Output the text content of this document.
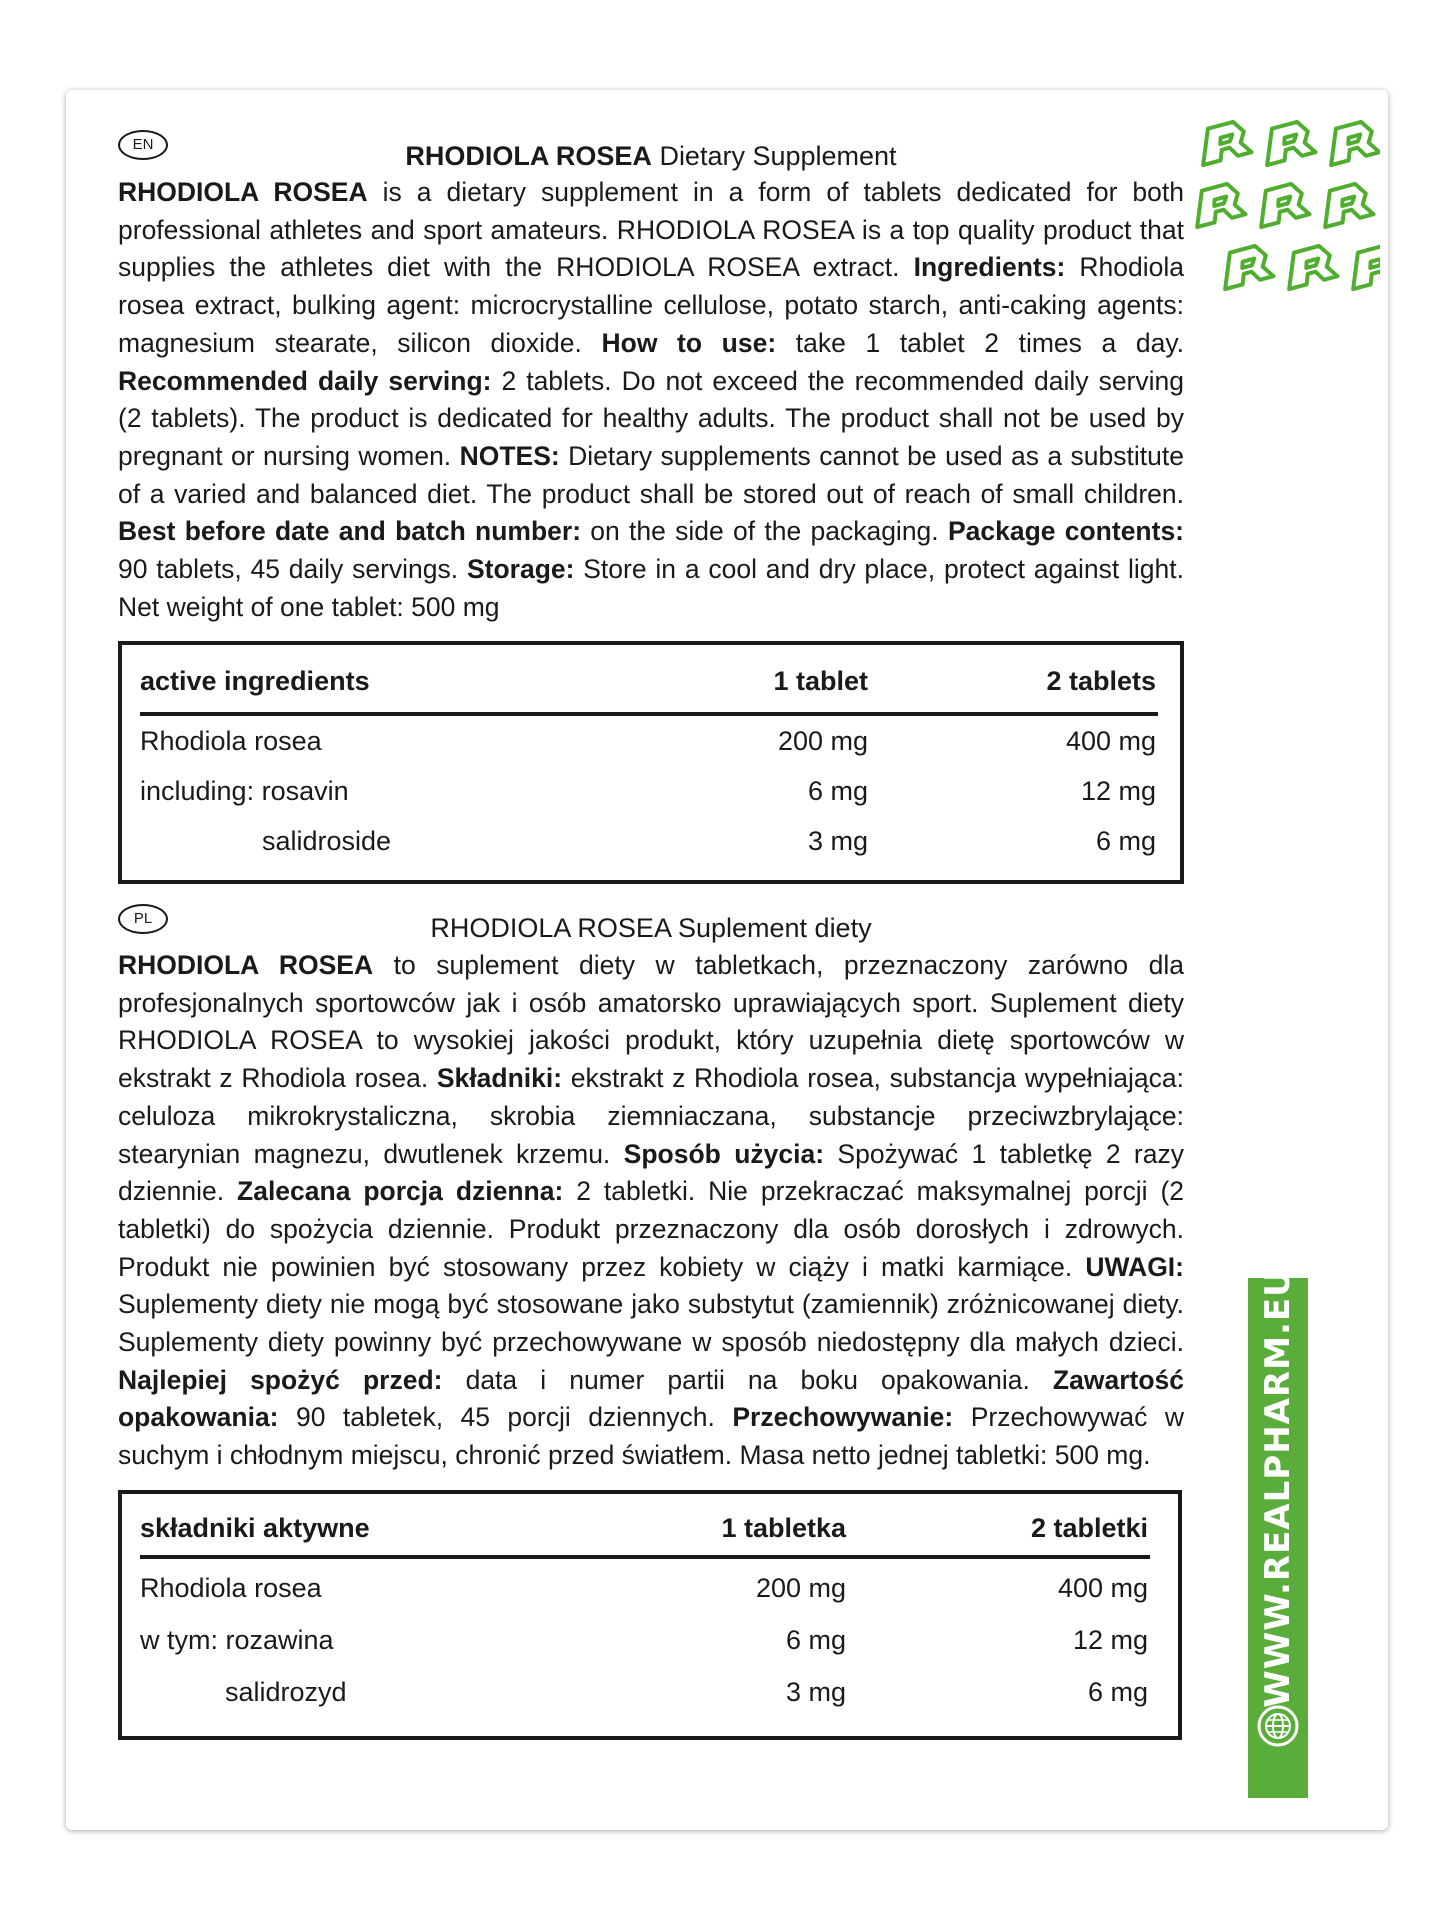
EN	RHODIOLA ROSEA Dietary Supplement

RHODIOLA ROSEA is a dietary supplement in a form of tablets dedicated for both professional athletes and sport amateurs. RHODIOLA ROSEA is a top quality product that supplies the athletes diet with the RHODIOLA ROSEA extract. Ingredients: Rhodiola rosea extract, bulking agent: microcrystalline cellulose, potato starch, anti-caking agents: magnesium stearate, silicon dioxide. How to use: take 1 tablet 2 times a day. Recommended daily serving: 2 tablets. Do not exceed the recommended daily serving (2 tablets). The product is dedicated for healthy adults. The product shall not be used by pregnant or nursing women. NOTES: Dietary supplements cannot be used as a substitute of a varied and balanced diet. The product shall be stored out of reach of small children. Best before date and batch number: on the side of the packaging. Package contents: 90 tablets, 45 daily servings. Storage: Store in a cool and dry place, protect against light. Net weight of one tablet: 500 mg

active ingredients	1 tablet	2 tablets
Rhodiola rosea	200 mg	400 mg
including: rosavin	6 mg	12 mg
salidroside	3 mg	6 mg
PL	RHODIOLA ROSEA Suplement diety

RHODIOLA ROSEA to suplement diety w tabletkach, przeznaczony zarówno dla profesjonalnych sportowców jak i osób amatorsko uprawiających sport. Suplement diety RHODIOLA ROSEA to wysokiej jakości produkt, który uzupełnia dietę sportowców w ekstrakt z Rhodiola rosea. Składniki: ekstrakt z Rhodiola rosea, substancja wypełniająca: celuloza mikrokrystaliczna, skrobia ziemniaczana, substancje przeciwzbrylające: stearynian magnezu, dwutlenek krzemu. Sposób użycia: Spożywać 1 tabletkę 2 razy dziennie. Zalecana porcja dzienna: 2 tabletki. Nie przekraczać maksymalnej porcji (2 tabletki) do spożycia dziennie. Produkt przeznaczony dla osób dorosłych i zdrowych. Produkt nie powinien być stosowany przez kobiety w ciąży i matki karmiące. UWAGI: Suplementy diety nie mogą być stosowane jako substytut (zamiennik) zróżnicowanej diety. Suplementy diety powinny być przechowywane w sposób niedostępny dla małych dzieci. Najlepiej spożyć przed: data i numer partii na boku opakowania. Zawartość opakowania: 90 tabletek, 45 porcji dziennych. Przechowywanie: Przechowywać w suchym i chłodnym miejscu, chronić przed światłem. Masa netto jednej tabletki: 500 mg.

składniki aktywne	1 tabletka	2 tabletki
Rhodiola rosea	200 mg	400 mg
w tym: rozawina	6 mg	12 mg
salidrozyd	3 mg	6 mg	WWW.REALPHARM.EU
